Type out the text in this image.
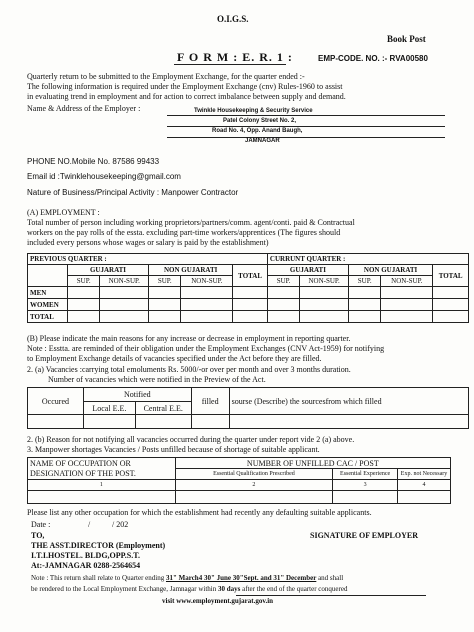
O.I.G.S.
Book Post
F O R M : E. R. 1 :	EMP-CODE. NO. :- RVA00580
Quarterly return to be submitted to the Employment Exchange, for the quarter ended :-
The following information is required under the Employment Exchange (cnv) Rules-1960 to assist
in evaluating trend in employment and for action to correct imbalance between supply and demand.
Name & Address of the Employer :	Twinkle Housekeeping & Security Service
Patel Colony Street No. 2,
Road No. 4, Opp. Anand Baugh,
JAMNAGAR
PHONE NO.Mobile No. 87586 99433
Email id :Twinklehousekeeping@gmail.com
Nature of Business/Principal Activity : Manpower Contractor
(A) EMPLOYMENT :
Total number of person including working proprietors/partners/comm. agent/conti. paid & Contractual
workers on the pay rolls of the essta. excluding part-time workers/apprentices (The figures should
included every persons whose wages or salary is paid by the establishment)
PREVIOUS QUARTER :						CURRUNT QUARTER :				
	GUJARATI		NON GUJARATI		TOTAL	GUJARATI		NON GUJARATI		TOTAL
	SUP.	NON-SUP.	SUP.	NON-SUP.		SUP.	NON-SUP.	SUP.	NON-SUP.	
MEN										
WOMEN										
TOTAL										
(B) Please indicate the main reasons for any increase or decrease in employment in reporting quarter.
Note : Esstta. are reminded of their obligation under the Employment Exchanges (CNV Act-1959) for notifying
to Employment Exchange details of vacancies specified under the Act before they are filled.
2. (a) Vacancies :carrying total emoluments Rs. 5000/-or over per month and over 3 months duration.
Number of vacancies which were notified in the Preview of the Act.
Occured	Notified		filled	sourse (Describe) the sourcesfrom which filled
	Local E.E.	Central E.E.		

2. (b) Reason for not notifying all vacancies occurred during the quarter under report vide 2 (a) above.
3. Manpower shortages Vacancies / Posts unfilled because of shortage of suitable applicant.
NAME OF OCCUPATION OR
DESIGNATION OF THE POST.	NUMBER OF UNFILLED CAC / POST		
	Essential Qualification Prescribed	Essential Experience	Exp. not Necessary
1	2	3	4

Please list any other occupation for which the establishment had recently any defaulting suitable applicants.
Date :	/	/ 202
TO,	SIGNATURE OF EMPLOYER
THE ASST.DIRECTOR (Employment)
I.T.I.HOSTEL. BLDG,OPP.S.T.
At:-JAMNAGAR 0288-2564654
Note : This return shall relate to Quarter ending 31" March4 30" June 30"Sept. and 31" December and shall
be rendered to the Local Employment Exchange, Jamnagar within 30 days after the end of the quarter conquered
visit www.employment.gujarat.gov.in
